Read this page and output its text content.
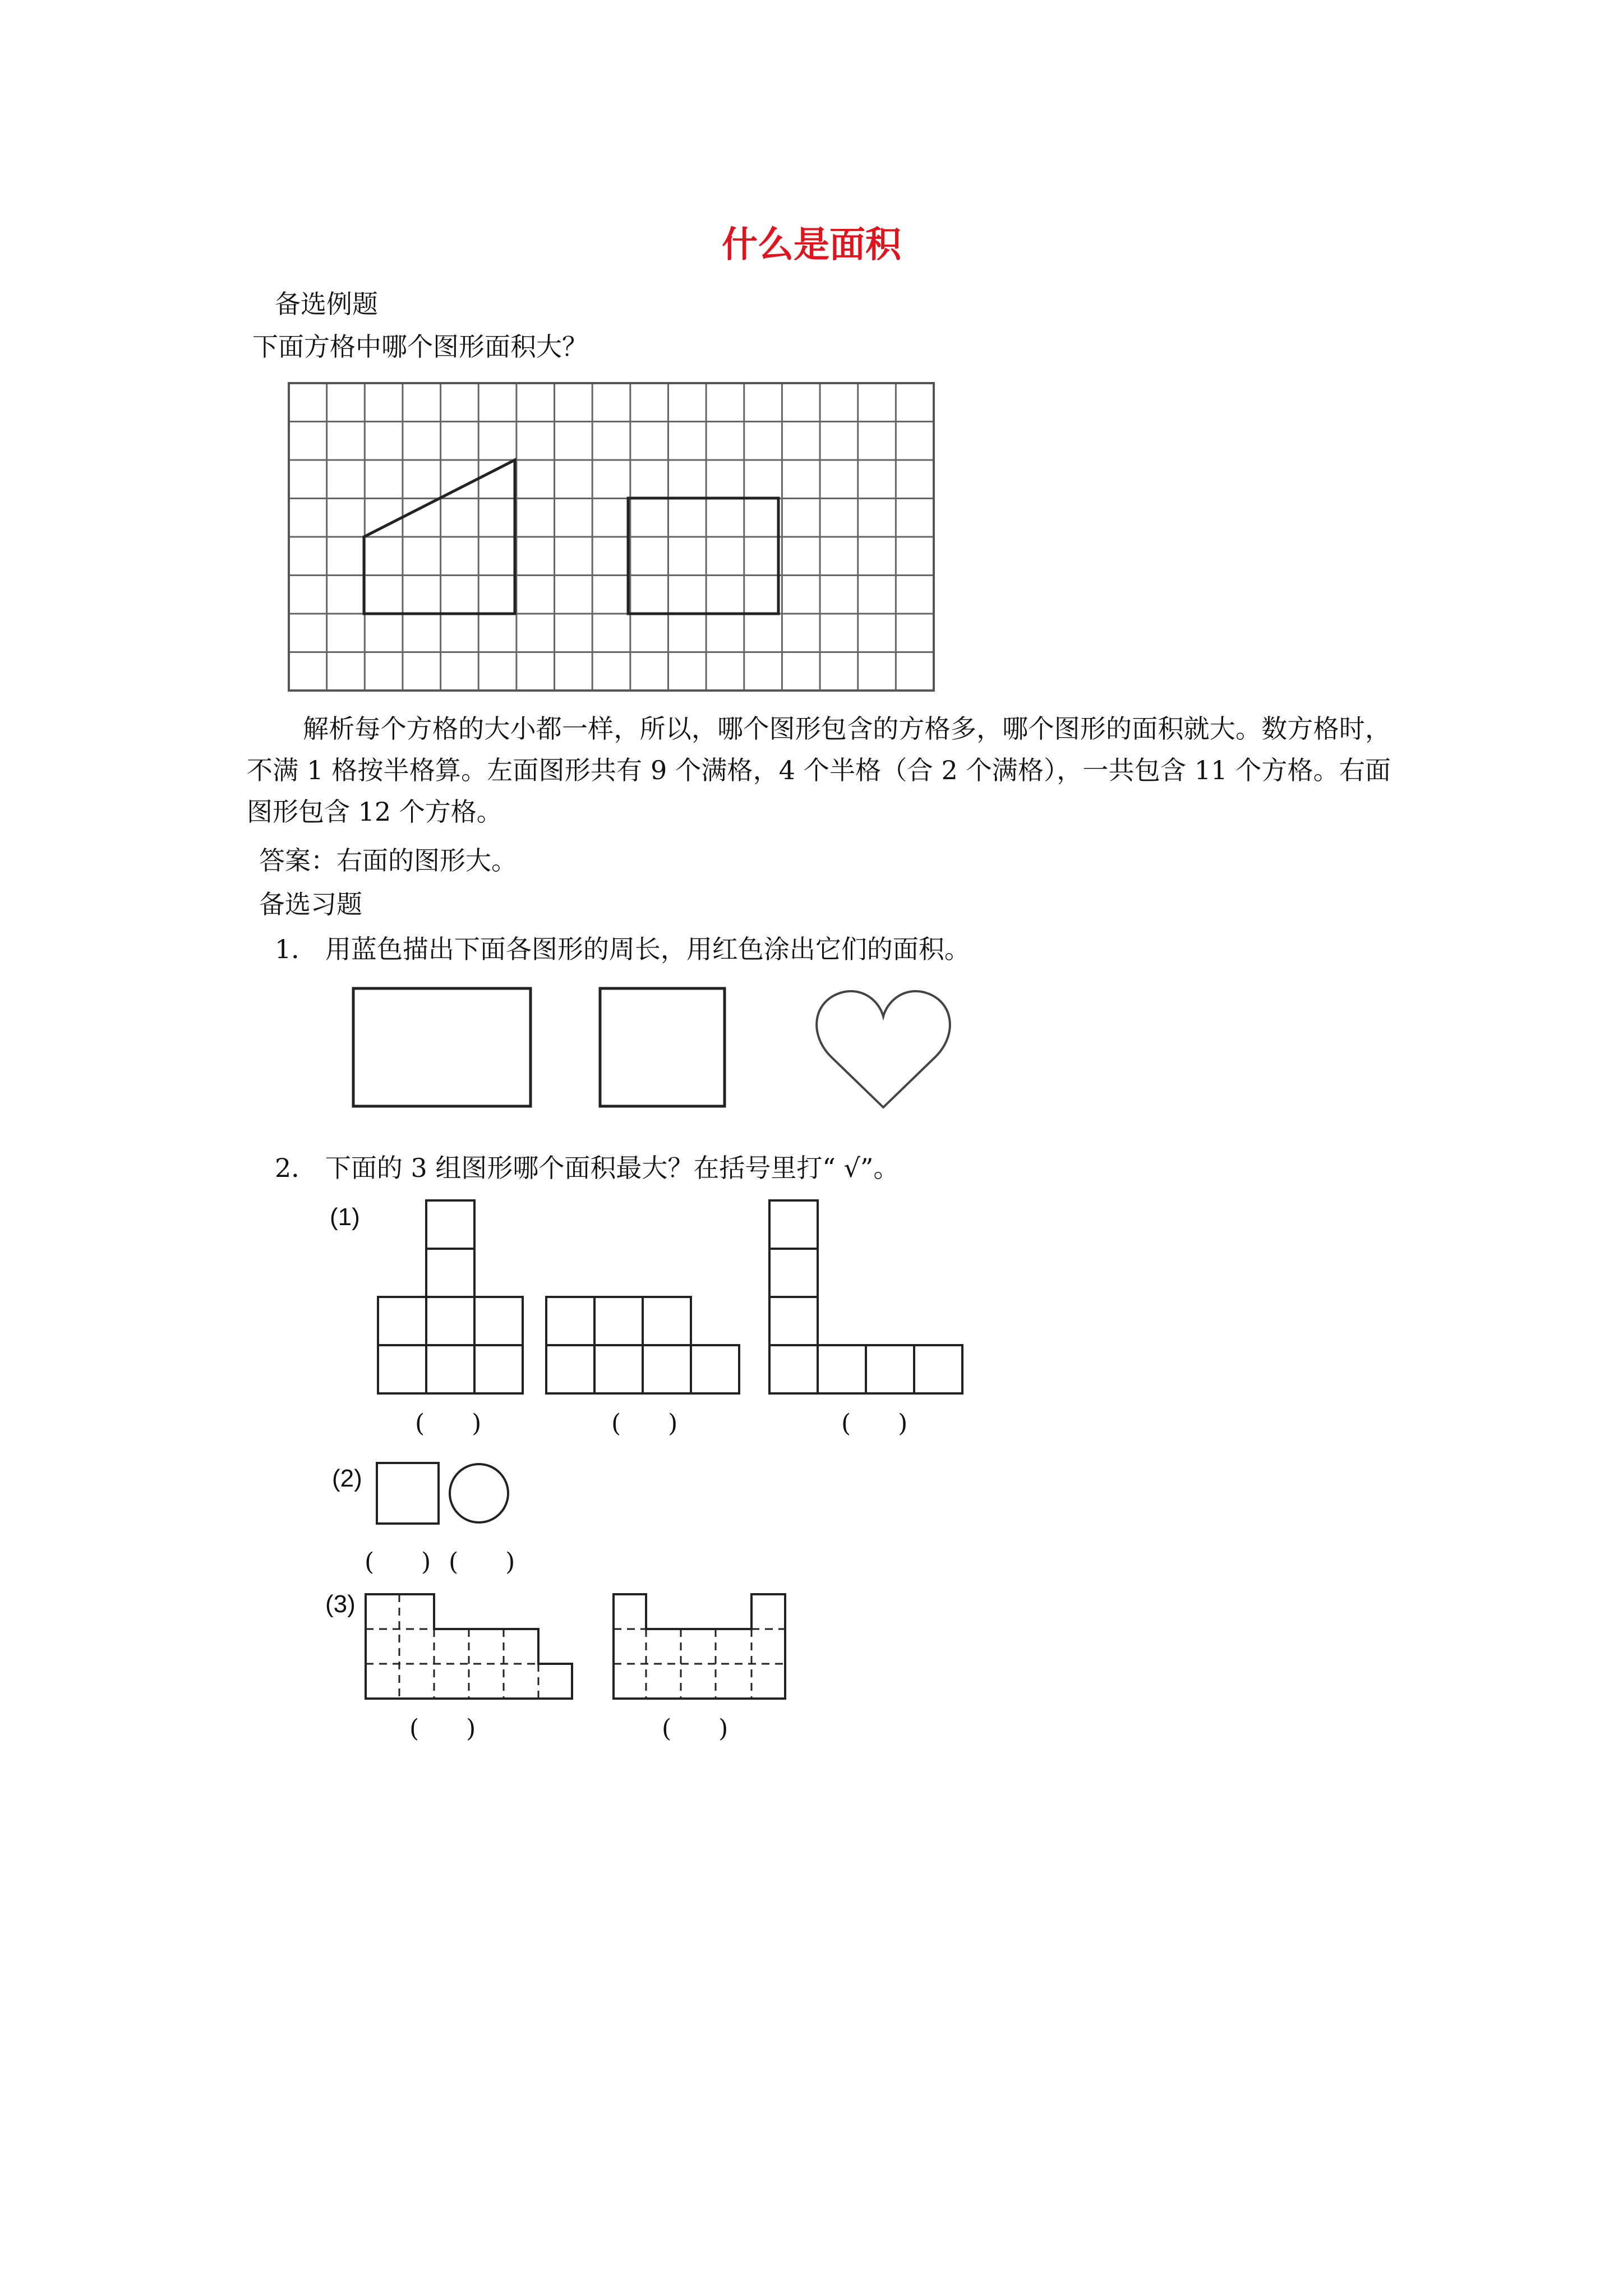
什么是面积

备选例题

下面方格中哪个图形面积大？

解析每个方格的大小都一样，所以，哪个图形包含的方格多，哪个图形的面积就大。数方格时，不满 1 格按半格算。左面图形共有 9 个满格，4 个半格（合 2 个满格），一共包含 11 个方格。右面图形包含 12 个方格。

答案：右面的图形大。

备选习题

1． 用蓝色描出下面各图形的周长，用红色涂出它们的面积。

2． 下面的 3 组图形哪个面积最大？在括号里打“ √”。

(1)

(      )	(      )	(      )

(2)

(      ) (      )

(3)

(      )	(      )
